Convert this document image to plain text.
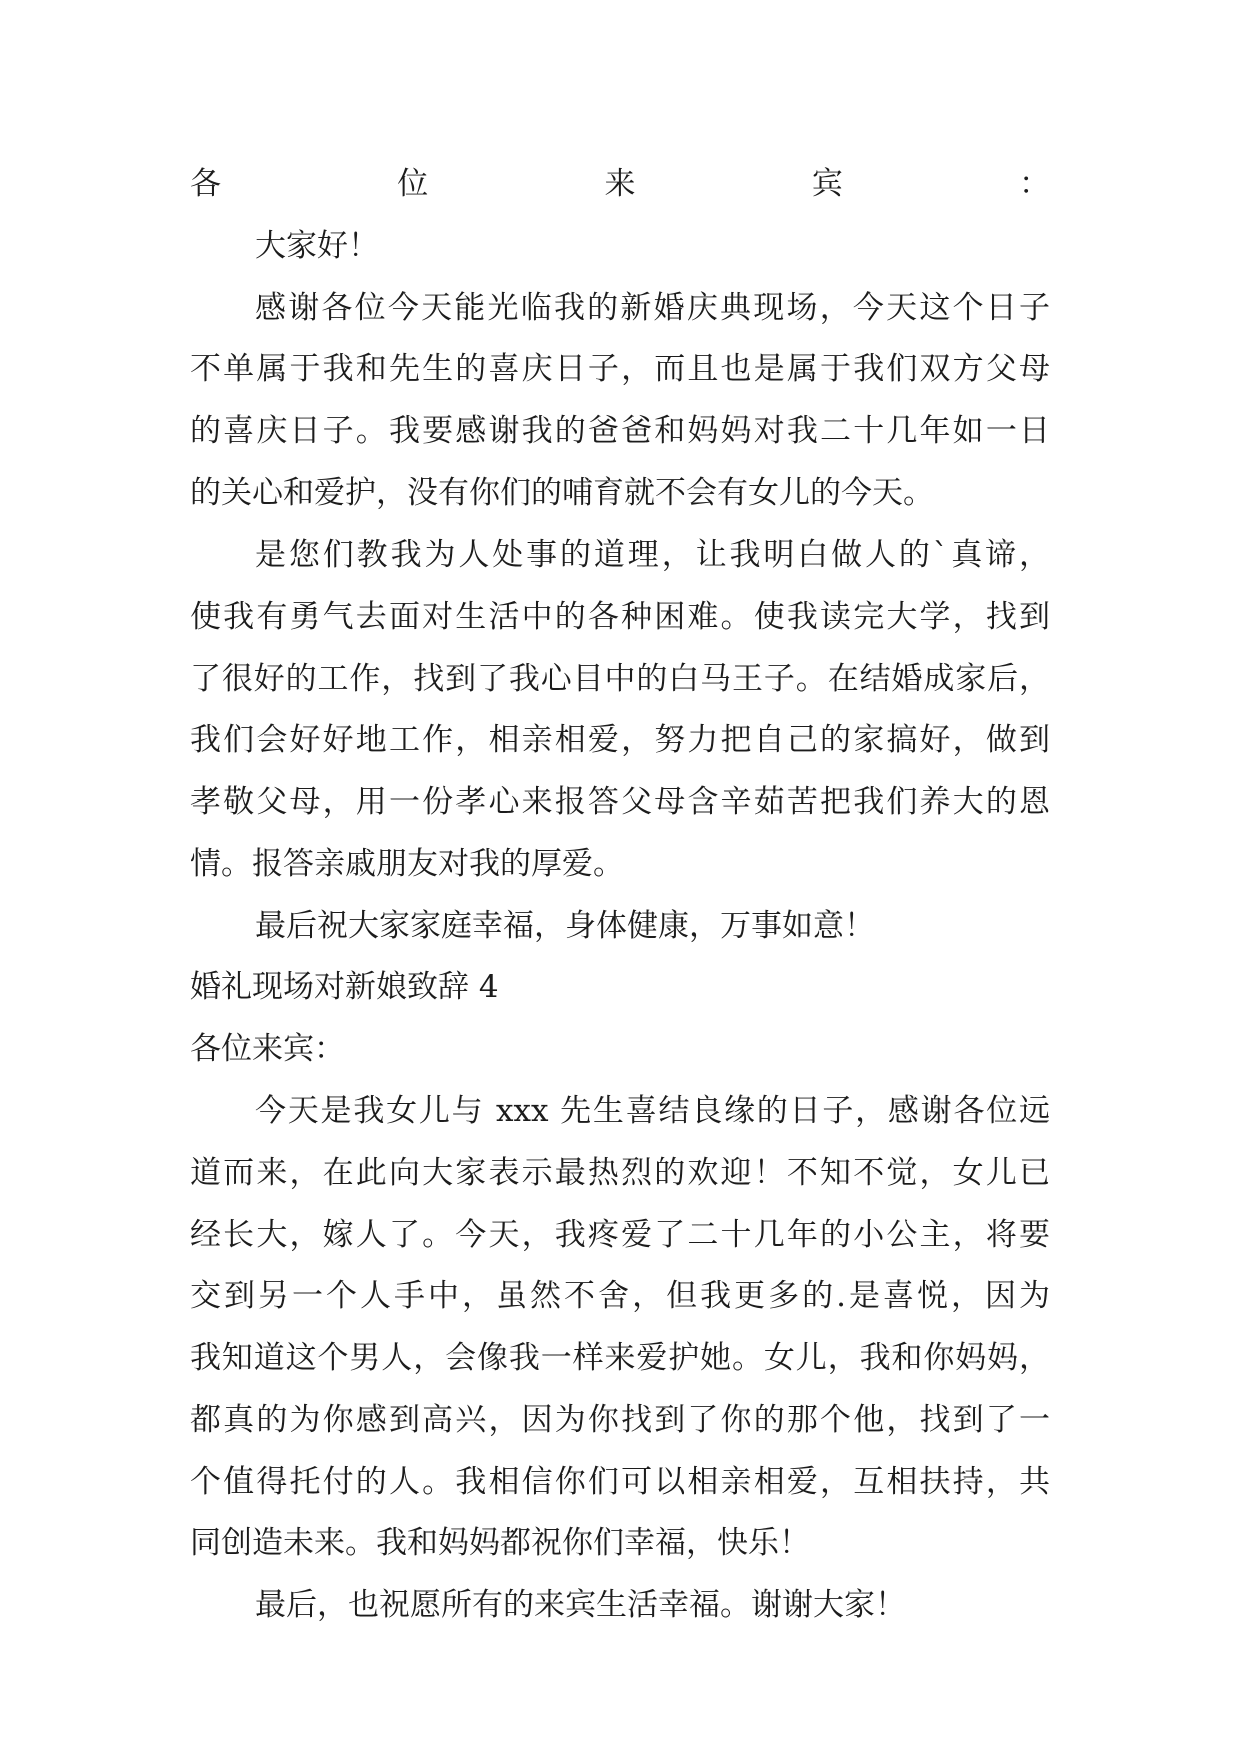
各位来宾：
大家好！
感谢各位今天能光临我的新婚庆典现场，今天这个日子
不单属于我和先生的喜庆日子，而且也是属于我们双方父母
的喜庆日子。我要感谢我的爸爸和妈妈对我二十几年如一日
的关心和爱护，没有你们的哺育就不会有女儿的今天。
是您们教我为人处事的道理，让我明白做人的`真谛，
使我有勇气去面对生活中的各种困难。使我读完大学，找到
了很好的工作，找到了我心目中的白马王子。在结婚成家后，
我们会好好地工作，相亲相爱，努力把自己的家搞好，做到
孝敬父母，用一份孝心来报答父母含辛茹苦把我们养大的恩
情。报答亲戚朋友对我的厚爱。
最后祝大家家庭幸福，身体健康，万事如意！
婚礼现场对新娘致辞 4
各位来宾：
今天是我女儿与 xxx 先生喜结良缘的日子，感谢各位远
道而来，在此向大家表示最热烈的欢迎！不知不觉，女儿已
经长大，嫁人了。今天，我疼爱了二十几年的小公主，将要
交到另一个人手中，虽然不舍，但我更多的.是喜悦，因为
我知道这个男人，会像我一样来爱护她。女儿，我和你妈妈，
都真的为你感到高兴，因为你找到了你的那个他，找到了一
个值得托付的人。我相信你们可以相亲相爱，互相扶持，共
同创造未来。我和妈妈都祝你们幸福，快乐！
最后，也祝愿所有的来宾生活幸福。谢谢大家！
